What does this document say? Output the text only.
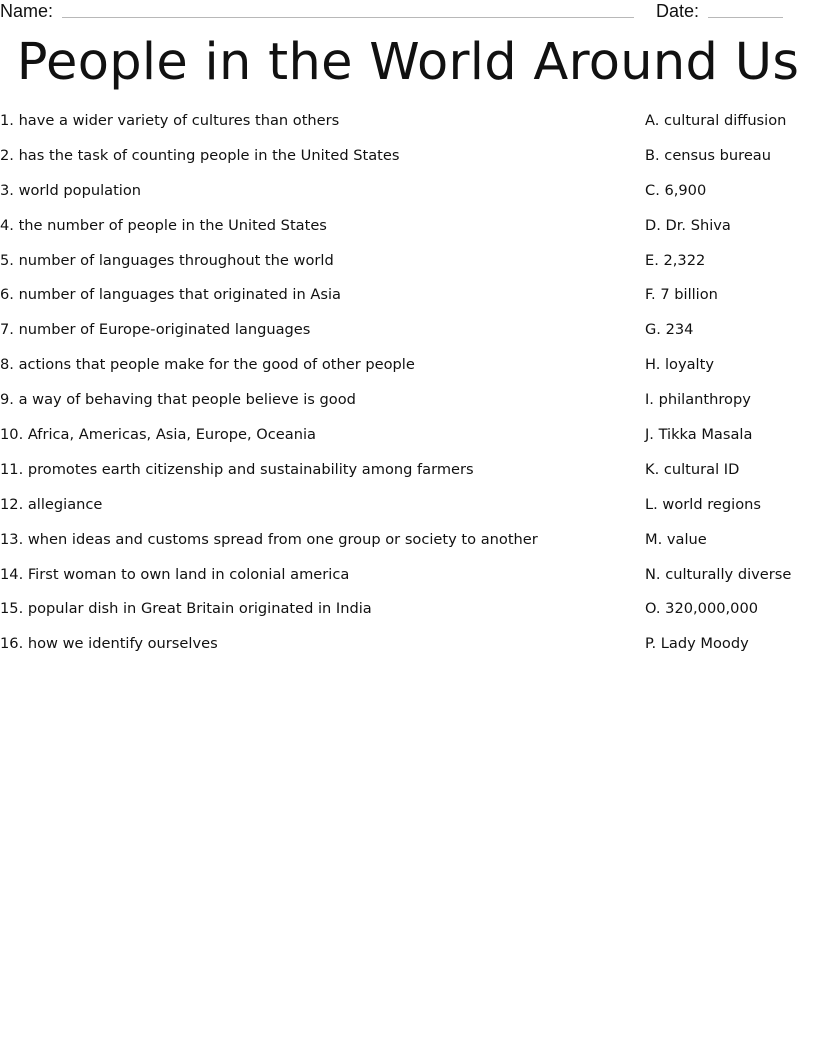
Name:	Date:
People in the World Around Us
1. have a wider variety of cultures than others	A. cultural diffusion
2. has the task of counting people in the United States	B. census bureau
3. world population	C. 6,900
4. the number of people in the United States	D. Dr. Shiva
5. number of languages throughout the world	E. 2,322
6. number of languages that originated in Asia	F. 7 billion
7. number of Europe-originated languages	G. 234
8. actions that people make for the good of other people	H. loyalty
9. a way of behaving that people believe is good	I. philanthropy
10. Africa, Americas, Asia, Europe, Oceania	J. Tikka Masala
11. promotes earth citizenship and sustainability among farmers	K. cultural ID
12. allegiance	L. world regions
13. when ideas and customs spread from one group or society to another	M. value
14. First woman to own land in colonial america	N. culturally diverse
15. popular dish in Great Britain originated in India	O. 320,000,000
16. how we identify ourselves	P. Lady Moody
